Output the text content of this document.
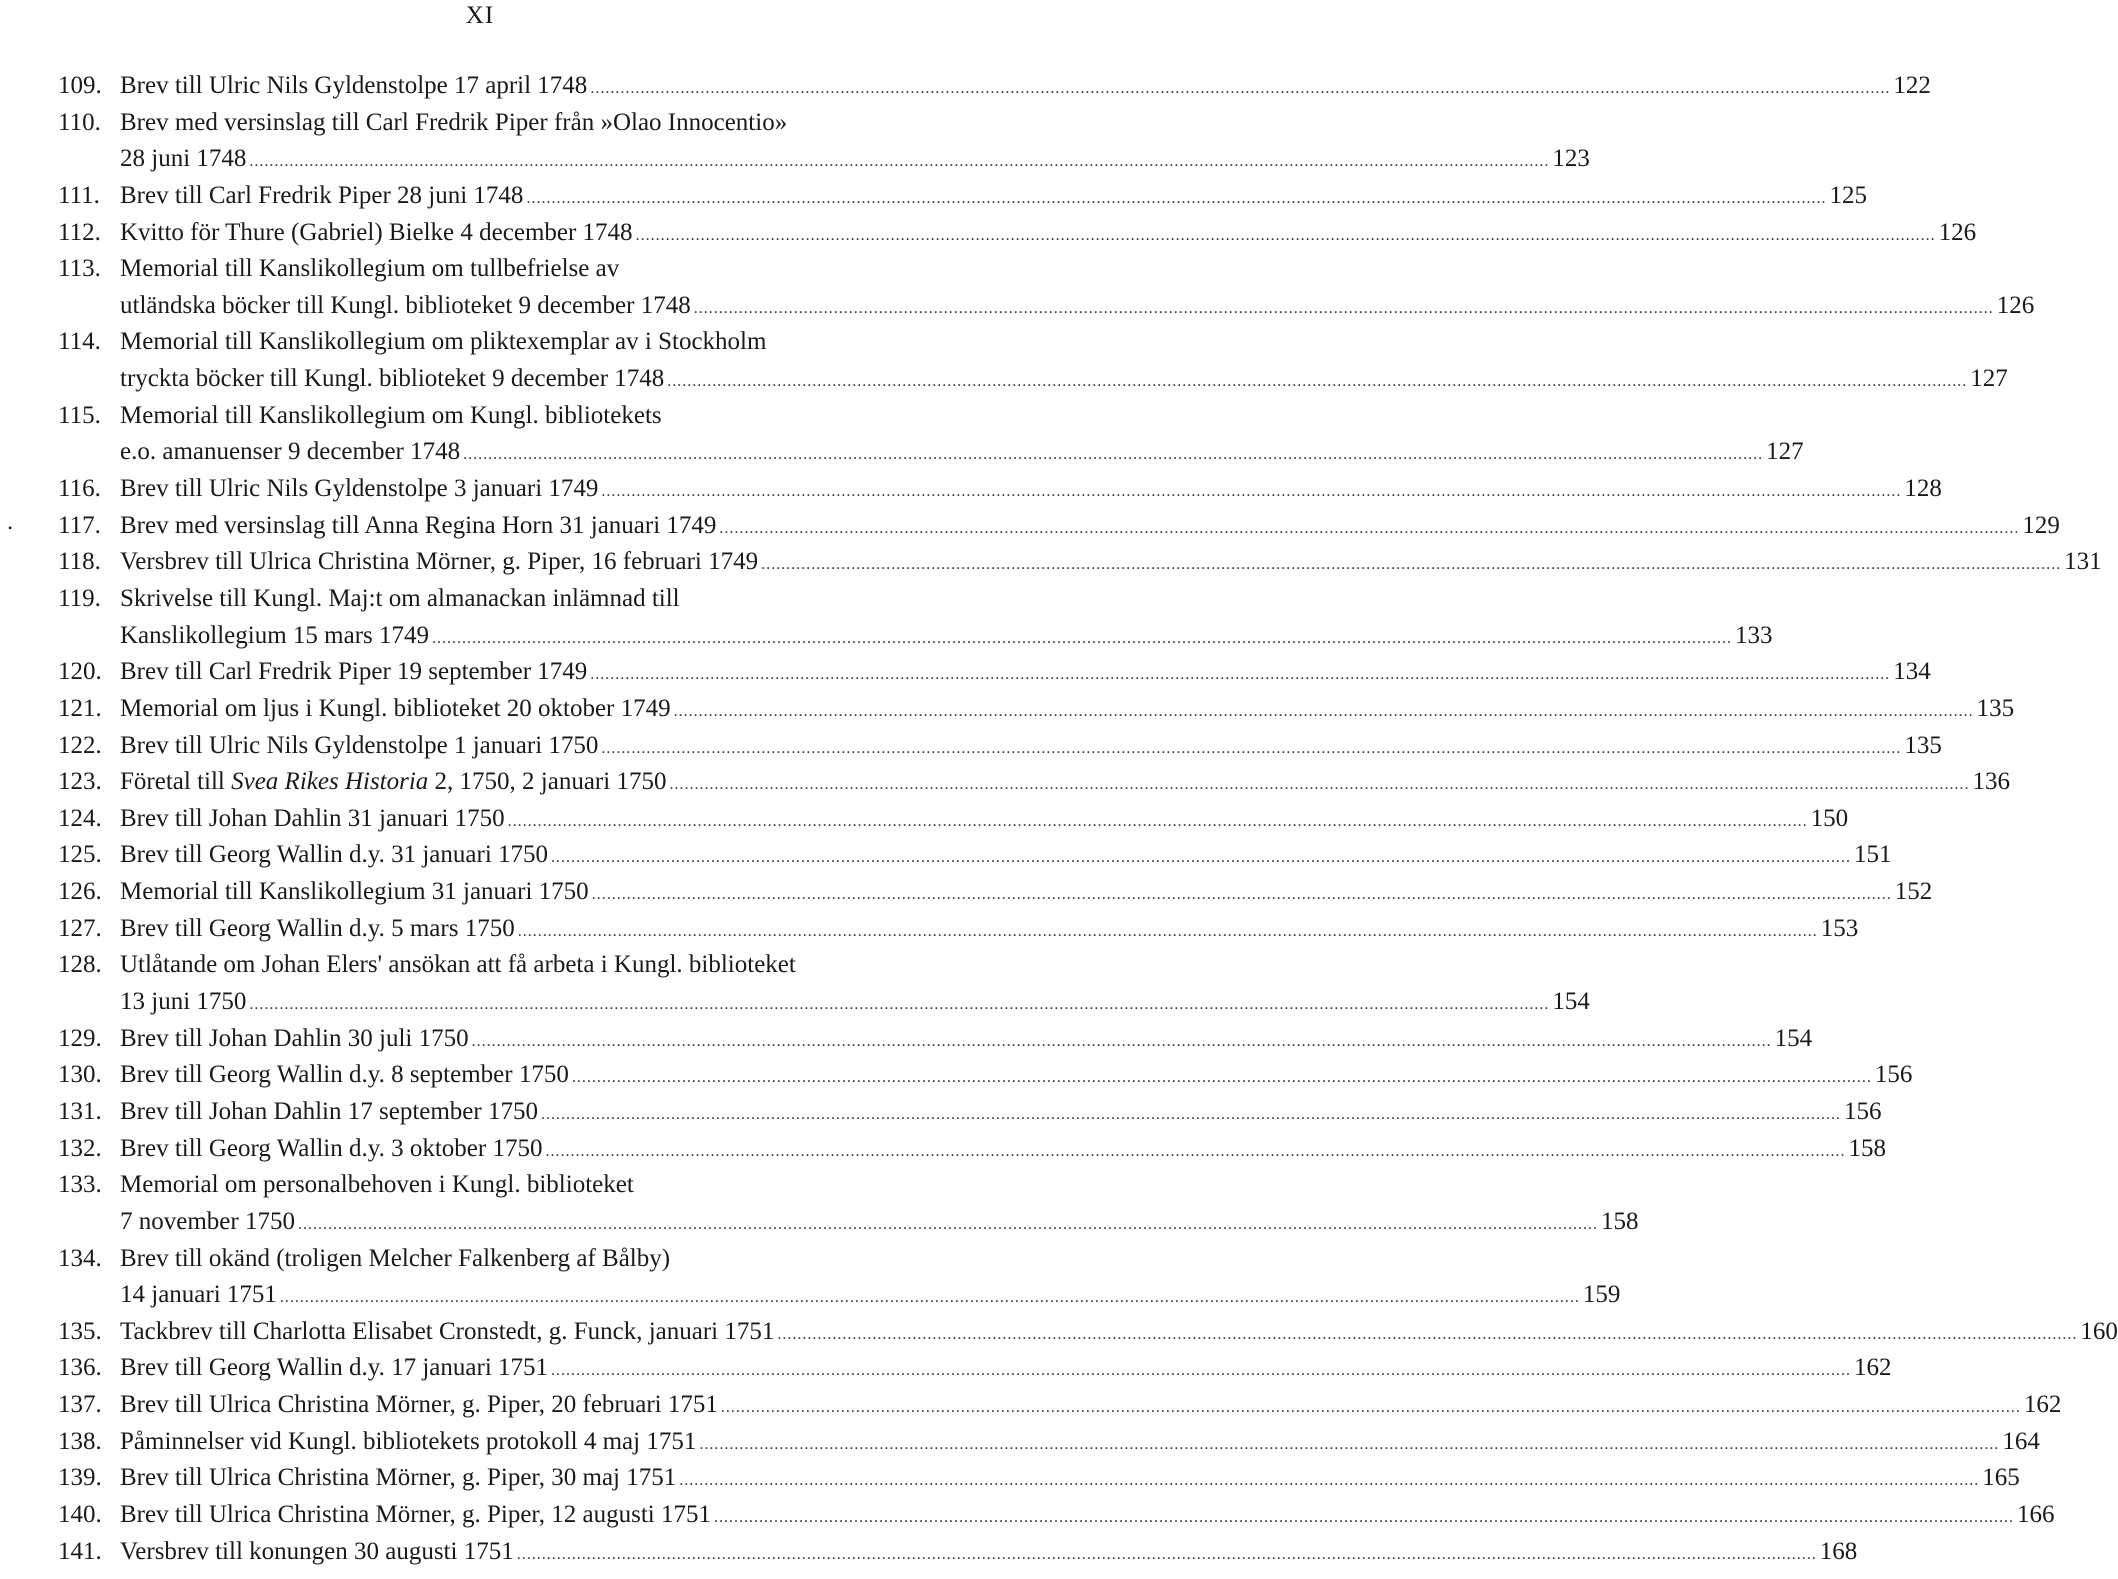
XI
109. Brev till Ulric Nils Gyldenstolpe 17 april 1748 .................................................................................................................................................................................................................................................................... 122
110. Brev med versinslag till Carl Fredrik Piper från »Olao Innocentio»
28 juni 1748 .................................................................................................................................................................................................................................................................... 123
111. Brev till Carl Fredrik Piper 28 juni 1748 .................................................................................................................................................................................................................................................................... 125
112. Kvitto för Thure (Gabriel) Bielke 4 december 1748 .................................................................................................................................................................................................................................................................... 126
113. Memorial till Kanslikollegium om tullbefrielse av
utländska böcker till Kungl. biblioteket 9 december 1748 .................................................................................................................................................................................................................................................................... 126
114. Memorial till Kanslikollegium om pliktexemplar av i Stockholm
tryckta böcker till Kungl. biblioteket 9 december 1748 .................................................................................................................................................................................................................................................................... 127
115. Memorial till Kanslikollegium om Kungl. bibliotekets
e.o. amanuenser 9 december 1748 .................................................................................................................................................................................................................................................................... 127
116. Brev till Ulric Nils Gyldenstolpe 3 januari 1749 .................................................................................................................................................................................................................................................................... 128
• 117. Brev med versinslag till Anna Regina Horn 31 januari 1749 .................................................................................................................................................................................................................................................................... 129
118. Versbrev till Ulrica Christina Mörner, g. Piper, 16 februari 1749 .................................................................................................................................................................................................................................................................... 131
119. Skrivelse till Kungl. Maj:t om almanackan inlämnad till
Kanslikollegium 15 mars 1749 .................................................................................................................................................................................................................................................................... 133
120. Brev till Carl Fredrik Piper 19 september 1749 .................................................................................................................................................................................................................................................................... 134
121. Memorial om ljus i Kungl. biblioteket 20 oktober 1749 .................................................................................................................................................................................................................................................................... 135
122. Brev till Ulric Nils Gyldenstolpe 1 januari 1750 .................................................................................................................................................................................................................................................................... 135
123. Företal till Svea Rikes Historia 2, 1750, 2 januari 1750 .................................................................................................................................................................................................................................................................... 136
124. Brev till Johan Dahlin 31 januari 1750 .................................................................................................................................................................................................................................................................... 150
125. Brev till Georg Wallin d.y. 31 januari 1750 .................................................................................................................................................................................................................................................................... 151
126. Memorial till Kanslikollegium 31 januari 1750 .................................................................................................................................................................................................................................................................... 152
127. Brev till Georg Wallin d.y. 5 mars 1750 .................................................................................................................................................................................................................................................................... 153
128. Utlåtande om Johan Elers' ansökan att få arbeta i Kungl. biblioteket
13 juni 1750 .................................................................................................................................................................................................................................................................... 154
129. Brev till Johan Dahlin 30 juli 1750 .................................................................................................................................................................................................................................................................... 154
130. Brev till Georg Wallin d.y. 8 september 1750 .................................................................................................................................................................................................................................................................... 156
131. Brev till Johan Dahlin 17 september 1750 .................................................................................................................................................................................................................................................................... 156
132. Brev till Georg Wallin d.y. 3 oktober 1750 .................................................................................................................................................................................................................................................................... 158
133. Memorial om personalbehoven i Kungl. biblioteket
7 november 1750 .................................................................................................................................................................................................................................................................... 158
134. Brev till okänd (troligen Melcher Falkenberg af Bålby)
14 januari 1751 .................................................................................................................................................................................................................................................................... 159
135. Tackbrev till Charlotta Elisabet Cronstedt, g. Funck, januari 1751 .................................................................................................................................................................................................................................................................... 160
136. Brev till Georg Wallin d.y. 17 januari 1751 .................................................................................................................................................................................................................................................................... 162
137. Brev till Ulrica Christina Mörner, g. Piper, 20 februari 1751 .................................................................................................................................................................................................................................................................... 162
138. Påminnelser vid Kungl. bibliotekets protokoll 4 maj 1751 .................................................................................................................................................................................................................................................................... 164
139. Brev till Ulrica Christina Mörner, g. Piper, 30 maj 1751 .................................................................................................................................................................................................................................................................... 165
140. Brev till Ulrica Christina Mörner, g. Piper, 12 augusti 1751 .................................................................................................................................................................................................................................................................... 166
141. Versbrev till konungen 30 augusti 1751 .................................................................................................................................................................................................................................................................... 168
